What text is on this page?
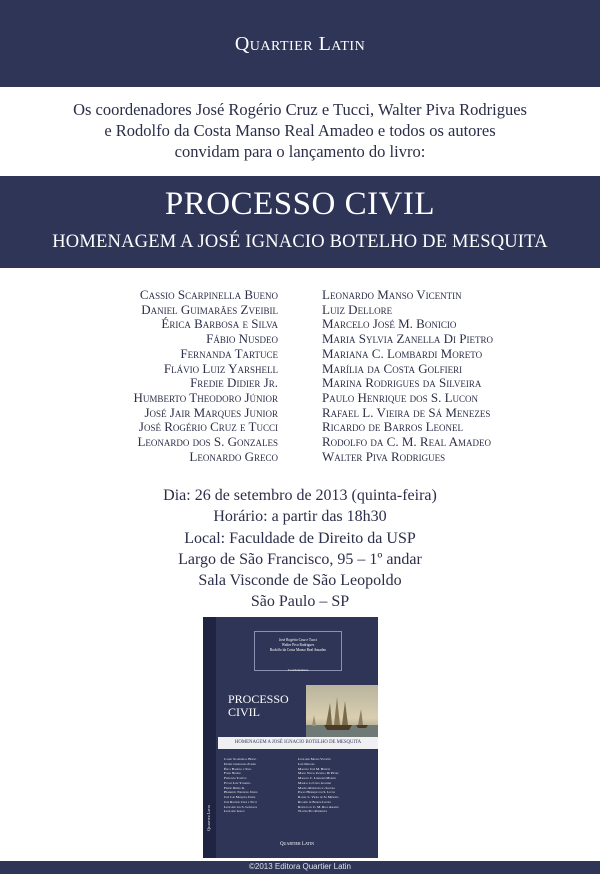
Quartier Latin
Os coordenadores José Rogério Cruz e Tucci, Walter Piva Rodrigues
e Rodolfo da Costa Manso Real Amadeo e todos os autores
convidam para o lançamento do livro:
PROCESSO CIVIL
HOMENAGEM A JOSÉ IGNACIO BOTELHO DE MESQUITA
Cassio Scarpinella Bueno
Daniel Guimarães Zveibil
Érica Barbosa e Silva
Fábio Nusdeo
Fernanda Tartuce
Flávio Luiz Yarshell
Fredie Didier Jr.
Humberto Theodoro Júnior
José Jair Marques Junior
José Rogério Cruz e Tucci
Leonardo dos S. Gonzales
Leonardo Greco
Leonardo Manso Vicentin
Luiz Dellore
Marcelo José M. Bonicio
Maria Sylvia Zanella Di Pietro
Mariana C. Lombardi Moreto
Marília da Costa Golfieri
Marina Rodrigues da Silveira
Paulo Henrique dos S. Lucon
Rafael L. Vieira de Sá Menezes
Ricardo de Barros Leonel
Rodolfo da C. M. Real Amadeo
Walter Piva Rodrigues
Dia: 26 de setembro de 2013 (quinta-feira)
Horário: a partir das 18h30
Local: Faculdade de Direito da USP
Largo de São Francisco, 95 – 1º andar
Sala Visconde de São Leopoldo
São Paulo – SP
Quartier Latin
José Rogério Cruz e Tucci
Walter Piva Rodrigues
Rodolfo da Costa Manso Real Amadeo
Coordenadores
PROCESSO
CIVIL
HOMENAGEM A JOSÉ IGNACIO BOTELHO DE MESQUITA
Cassio Scarpinella Bueno
Daniel Guimarães Zveibil
Érica Barbosa e Silva
Fábio Nusdeo
Fernanda Tartuce
Flávio Luiz Yarshell
Fredie Didier Jr.
Humberto Theodoro Júnior
José Jair Marques Junior
José Rogério Cruz e Tucci
Leonardo dos S. Gonzales
Leonardo Greco
Leonardo Manso Vicentin
Luiz Dellore
Marcelo José M. Bonicio
Maria Sylvia Zanella Di Pietro
Mariana C. Lombardi Moreto
Marília da Costa Golfieri
Marina Rodrigues da Silveira
Paulo Henrique dos S. Lucon
Rafael L. Vieira de Sá Menezes
Ricardo de Barros Leonel
Rodolfo da C. M. Real Amadeo
Walter Piva Rodrigues
Quartier Latin
©2013 Editora Quartier Latin
